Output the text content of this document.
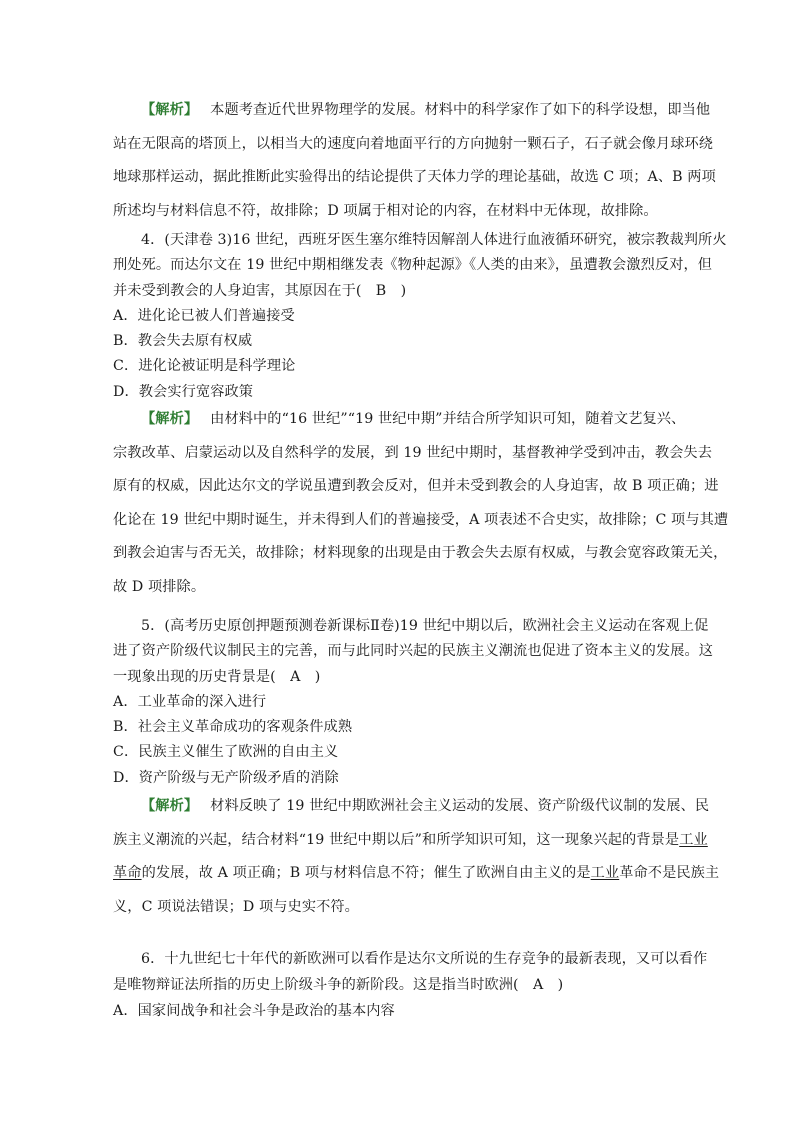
【解析】 本题考查近代世界物理学的发展。材料中的科学家作了如下的科学设想，即当他
站在无限高的塔顶上，以相当大的速度向着地面平行的方向抛射一颗石子，石子就会像月球环绕
地球那样运动，据此推断此实验得出的结论提供了天体力学的理论基础，故选 C 项；A、B 两项
所述均与材料信息不符，故排除；D 项属于相对论的内容，在材料中无体现，故排除。
4．(天津卷 3)16 世纪，西班牙医生塞尔维特因解剖人体进行血液循环研究，被宗教裁判所火
刑处死。而达尔文在 19 世纪中期相继发表《物种起源》《人类的由来》，虽遭教会激烈反对，但
并未受到教会的人身迫害，其原因在于(　B　)
A．进化论已被人们普遍接受
B．教会失去原有权威
C．进化论被证明是科学理论
D．教会实行宽容政策
【解析】 由材料中的“16 世纪”“19 世纪中期”并结合所学知识可知，随着文艺复兴、
宗教改革、启蒙运动以及自然科学的发展，到 19 世纪中期时，基督教神学受到冲击，教会失去
原有的权威，因此达尔文的学说虽遭到教会反对，但并未受到教会的人身迫害，故 B 项正确；进
化论在 19 世纪中期时诞生，并未得到人们的普遍接受，A 项表述不合史实，故排除；C 项与其遭
到教会迫害与否无关，故排除；材料现象的出现是由于教会失去原有权威，与教会宽容政策无关，
故 D 项排除。
5．(高考历史原创押题预测卷新课标Ⅱ卷)19 世纪中期以后，欧洲社会主义运动在客观上促
进了资产阶级代议制民主的完善，而与此同时兴起的民族主义潮流也促进了资本主义的发展。这
一现象出现的历史背景是(　A　)
A．工业革命的深入进行
B．社会主义革命成功的客观条件成熟
C．民族主义催生了欧洲的自由主义
D．资产阶级与无产阶级矛盾的消除
【解析】 材料反映了 19 世纪中期欧洲社会主义运动的发展、资产阶级代议制的发展、民
族主义潮流的兴起，结合材料“19 世纪中期以后”和所学知识可知，这一现象兴起的背景是工业
革命的发展，故 A 项正确；B 项与材料信息不符；催生了欧洲自由主义的是工业革命不是民族主
义，C 项说法错误；D 项与史实不符。
6．十九世纪七十年代的新欧洲可以看作是达尔文所说的生存竞争的最新表现，又可以看作
是唯物辩证法所指的历史上阶级斗争的新阶段。这是指当时欧洲(　A　)
A．国家间战争和社会斗争是政治的基本内容
